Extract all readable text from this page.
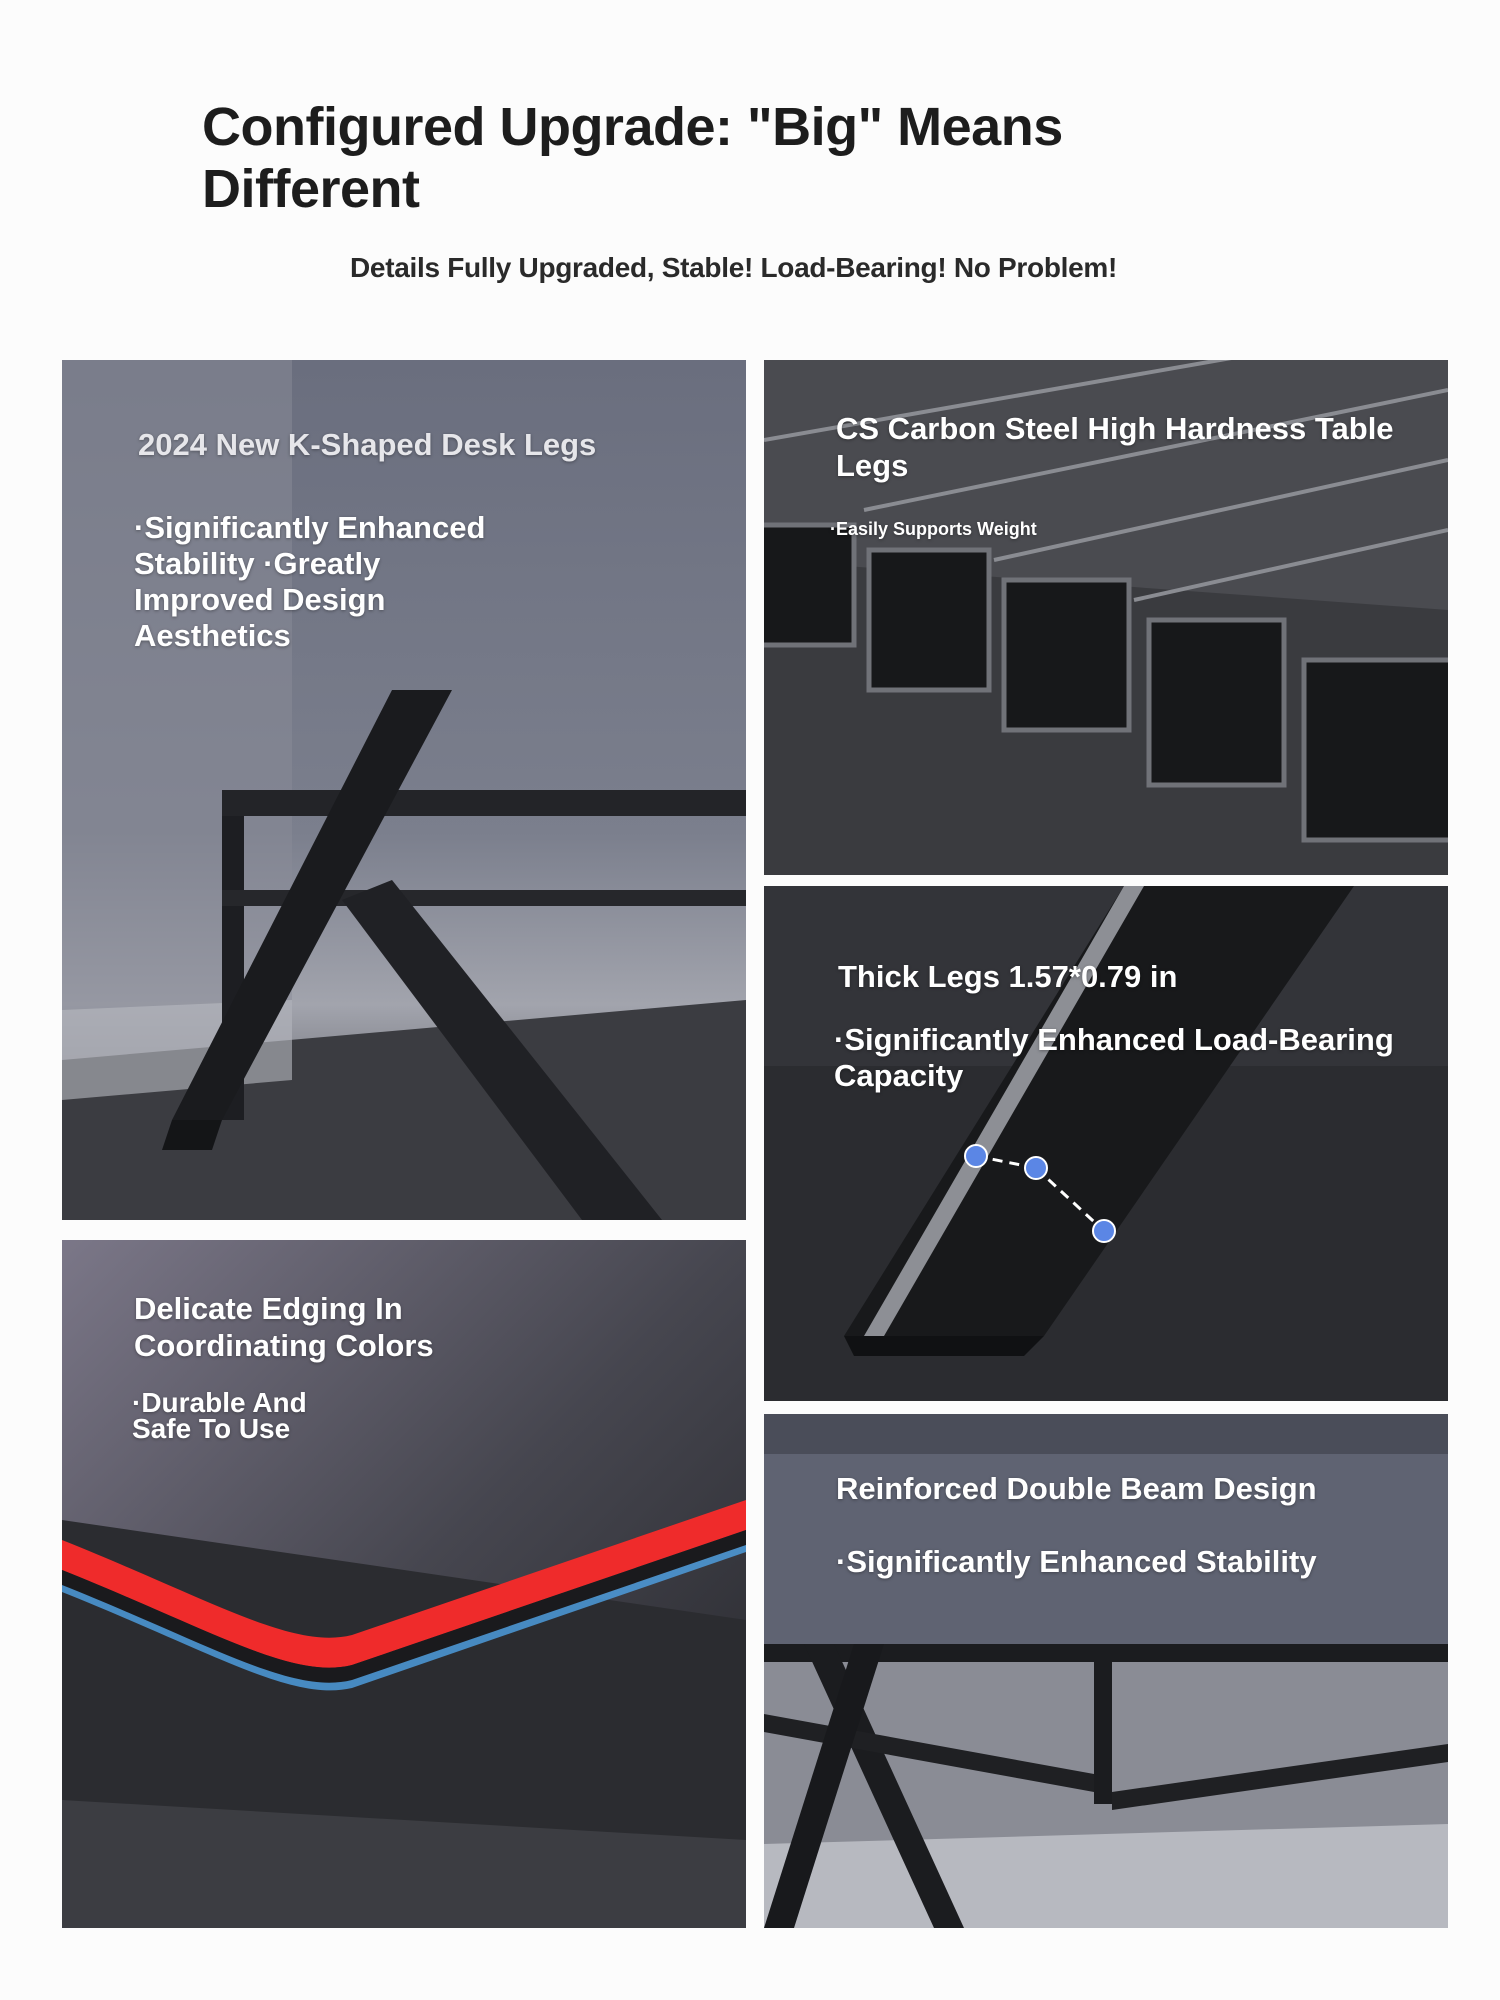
Configured Upgrade: "Big" Means Different
Details Fully Upgraded, Stable! Load-Bearing! No Problem!
2024 New K-Shaped Desk Legs
·Significantly Enhanced Stability ·Greatly Improved Design Aesthetics
CS Carbon Steel High Hardness Table Legs
·Easily Supports Weight
Thick Legs 1.57*0.79 in
·Significantly Enhanced Load-Bearing Capacity
Delicate Edging In Coordinating Colors
·Durable And Safe To Use
Reinforced Double Beam Design
·Significantly Enhanced Stability
